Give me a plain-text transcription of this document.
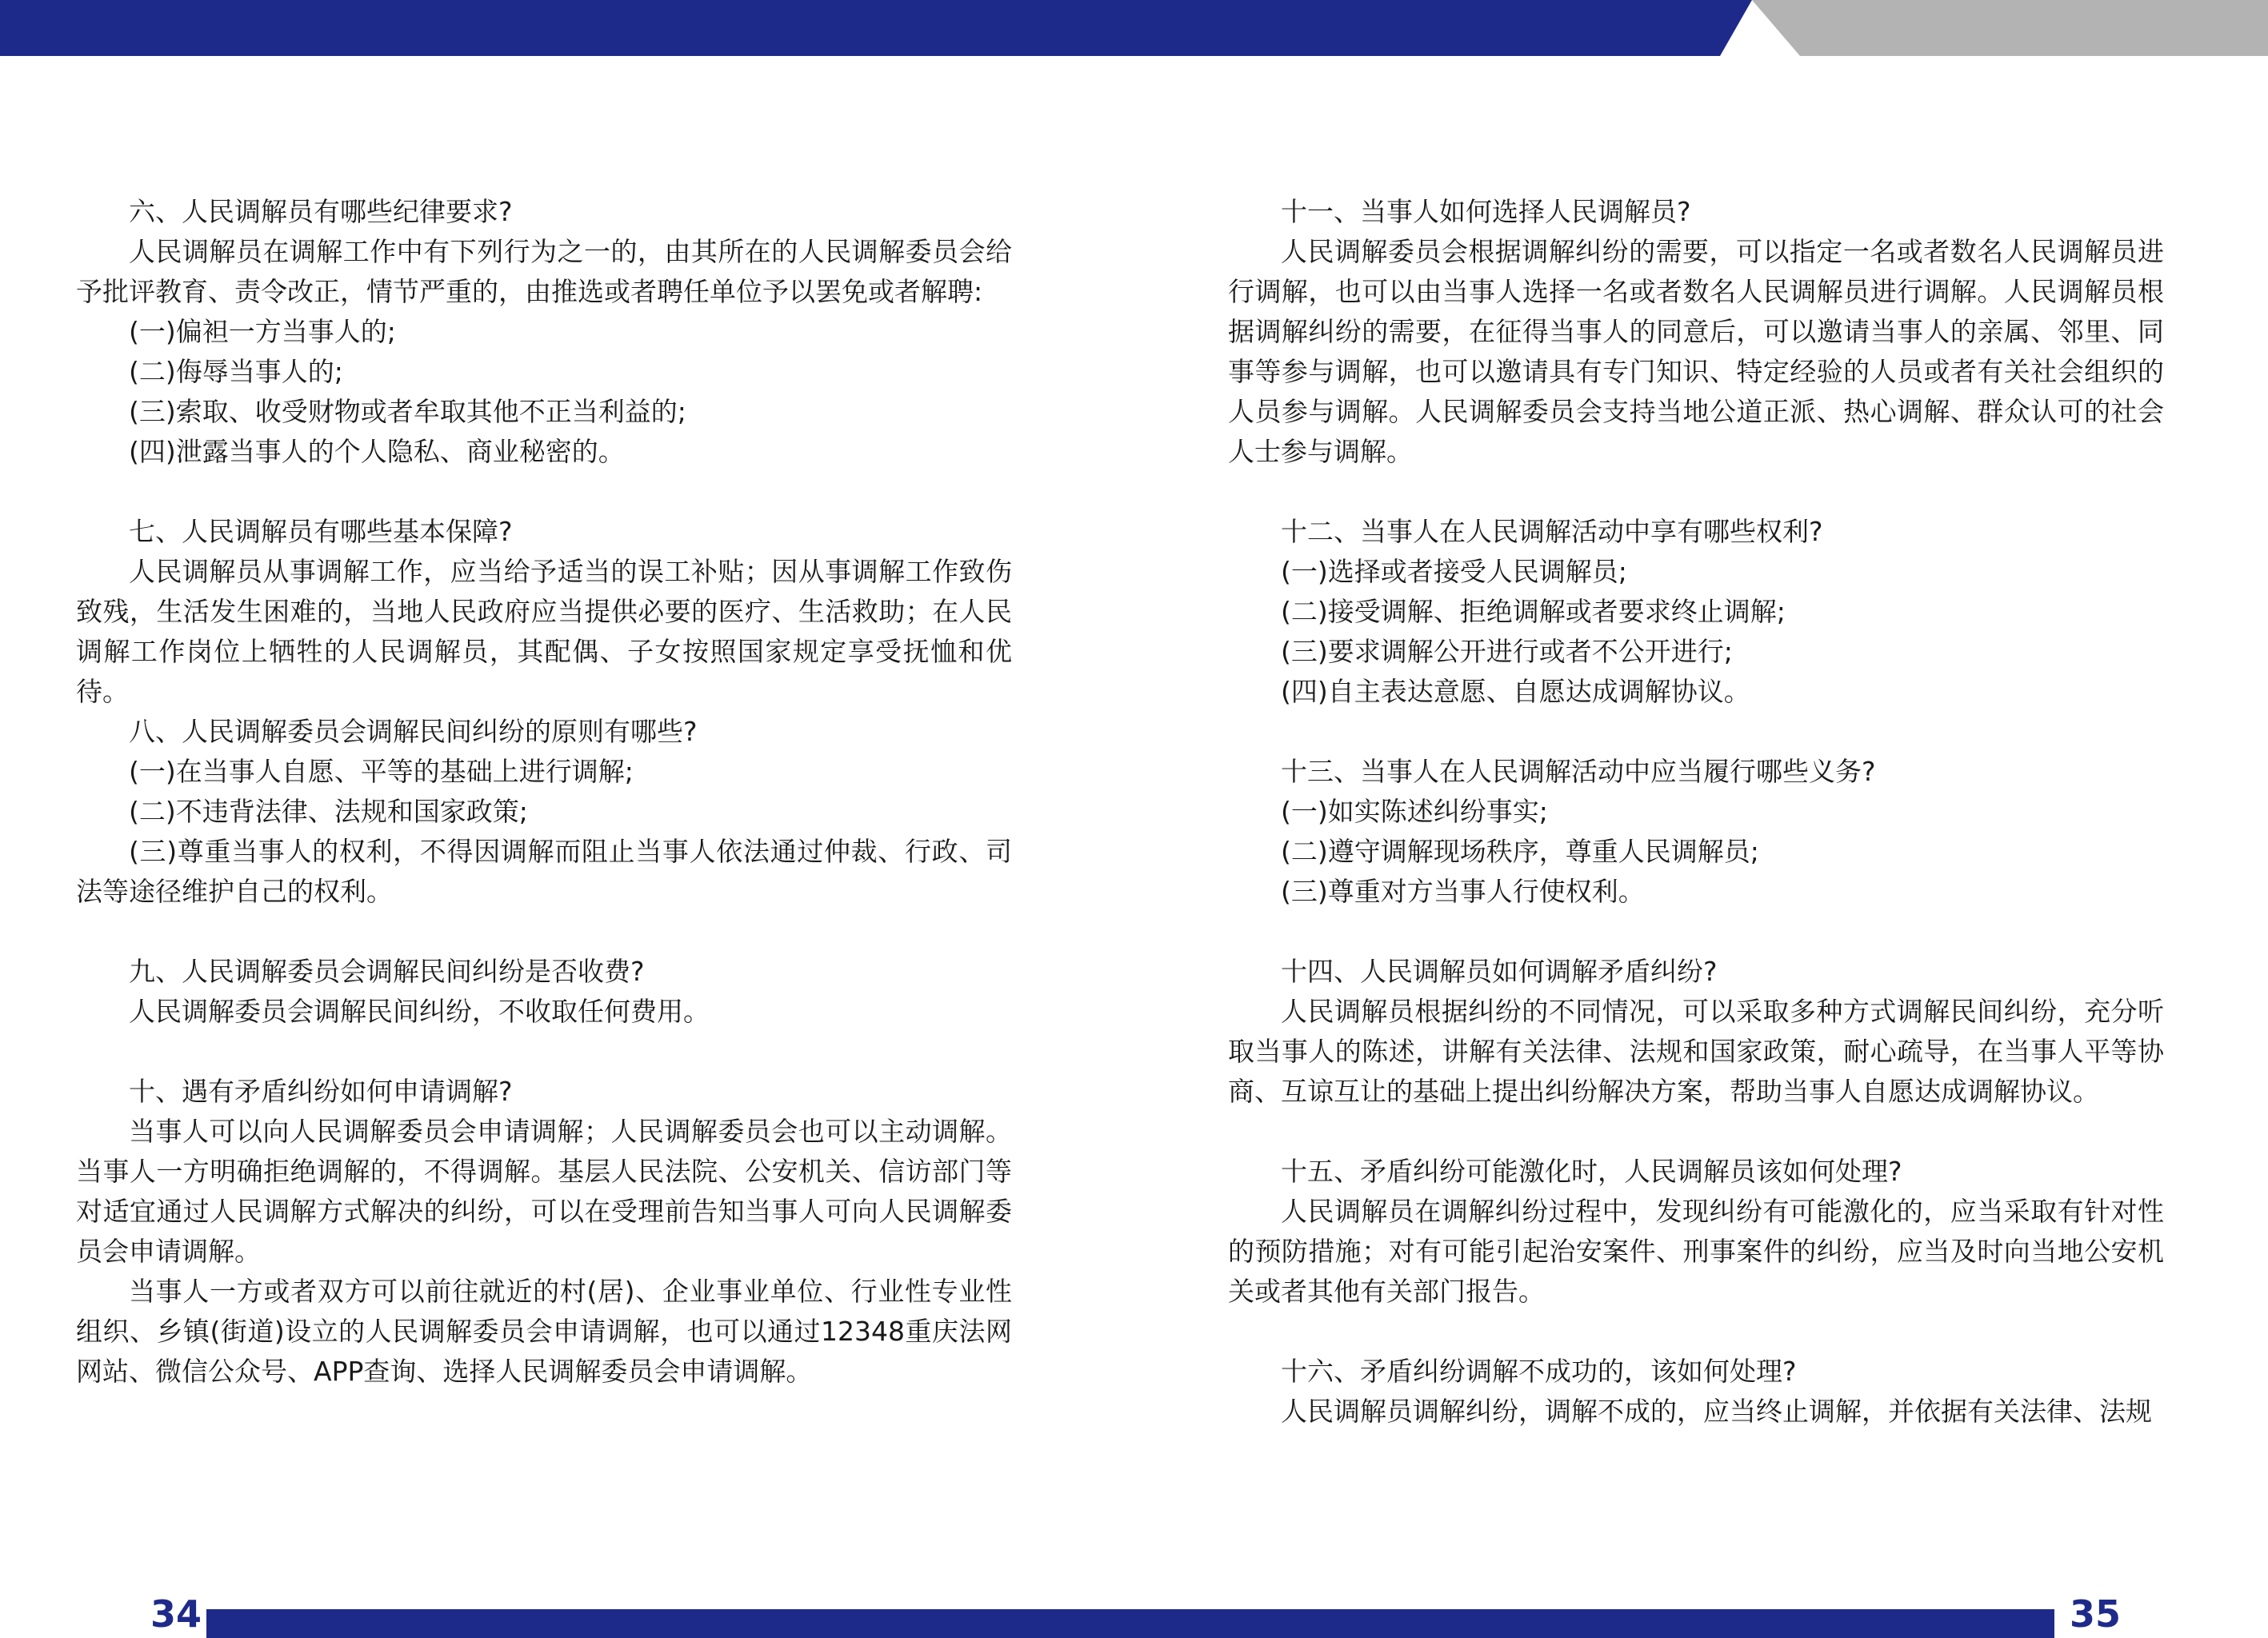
六、人民调解员有哪些纪律要求?

人民调解员在调解工作中有下列行为之一的，由其所在的人民调解委员会给予批评教育、责令改正，情节严重的，由推选或者聘任单位予以罢免或者解聘:

(一)偏袒一方当事人的;

(二)侮辱当事人的;

(三)索取、收受财物或者牟取其他不正当利益的;

(四)泄露当事人的个人隐私、商业秘密的。

七、人民调解员有哪些基本保障?

人民调解员从事调解工作，应当给予适当的误工补贴；因从事调解工作致伤致残，生活发生困难的，当地人民政府应当提供必要的医疗、生活救助；在人民调解工作岗位上牺牲的人民调解员，其配偶、子女按照国家规定享受抚恤和优待。

八、人民调解委员会调解民间纠纷的原则有哪些?

(一)在当事人自愿、平等的基础上进行调解;

(二)不违背法律、法规和国家政策;

(三)尊重当事人的权利，不得因调解而阻止当事人依法通过仲裁、行政、司法等途径维护自己的权利。

九、人民调解委员会调解民间纠纷是否收费?

人民调解委员会调解民间纠纷，不收取任何费用。

十、遇有矛盾纠纷如何申请调解?

当事人可以向人民调解委员会申请调解；人民调解委员会也可以主动调解。当事人一方明确拒绝调解的，不得调解。基层人民法院、公安机关、信访部门等对适宜通过人民调解方式解决的纠纷，可以在受理前告知当事人可向人民调解委员会申请调解。

当事人一方或者双方可以前往就近的村(居)、企业事业单位、行业性专业性组织、乡镇(街道)设立的人民调解委员会申请调解，也可以通过12348重庆法网网站、微信公众号、APP查询、选择人民调解委员会申请调解。

十一、当事人如何选择人民调解员?

人民调解委员会根据调解纠纷的需要，可以指定一名或者数名人民调解员进行调解，也可以由当事人选择一名或者数名人民调解员进行调解。人民调解员根据调解纠纷的需要，在征得当事人的同意后，可以邀请当事人的亲属、邻里、同事等参与调解，也可以邀请具有专门知识、特定经验的人员或者有关社会组织的人员参与调解。人民调解委员会支持当地公道正派、热心调解、群众认可的社会人士参与调解。

十二、当事人在人民调解活动中享有哪些权利?

(一)选择或者接受人民调解员;

(二)接受调解、拒绝调解或者要求终止调解;

(三)要求调解公开进行或者不公开进行;

(四)自主表达意愿、自愿达成调解协议。

十三、当事人在人民调解活动中应当履行哪些义务?

(一)如实陈述纠纷事实;

(二)遵守调解现场秩序，尊重人民调解员;

(三)尊重对方当事人行使权利。

十四、人民调解员如何调解矛盾纠纷?

人民调解员根据纠纷的不同情况，可以采取多种方式调解民间纠纷，充分听取当事人的陈述，讲解有关法律、法规和国家政策，耐心疏导，在当事人平等协商、互谅互让的基础上提出纠纷解决方案，帮助当事人自愿达成调解协议。

十五、矛盾纠纷可能激化时，人民调解员该如何处理?

人民调解员在调解纠纷过程中，发现纠纷有可能激化的，应当采取有针对性的预防措施；对有可能引起治安案件、刑事案件的纠纷，应当及时向当地公安机关或者其他有关部门报告。

十六、矛盾纠纷调解不成功的，该如何处理?

人民调解员调解纠纷，调解不成的，应当终止调解，并依据有关法律、法规

34	35
